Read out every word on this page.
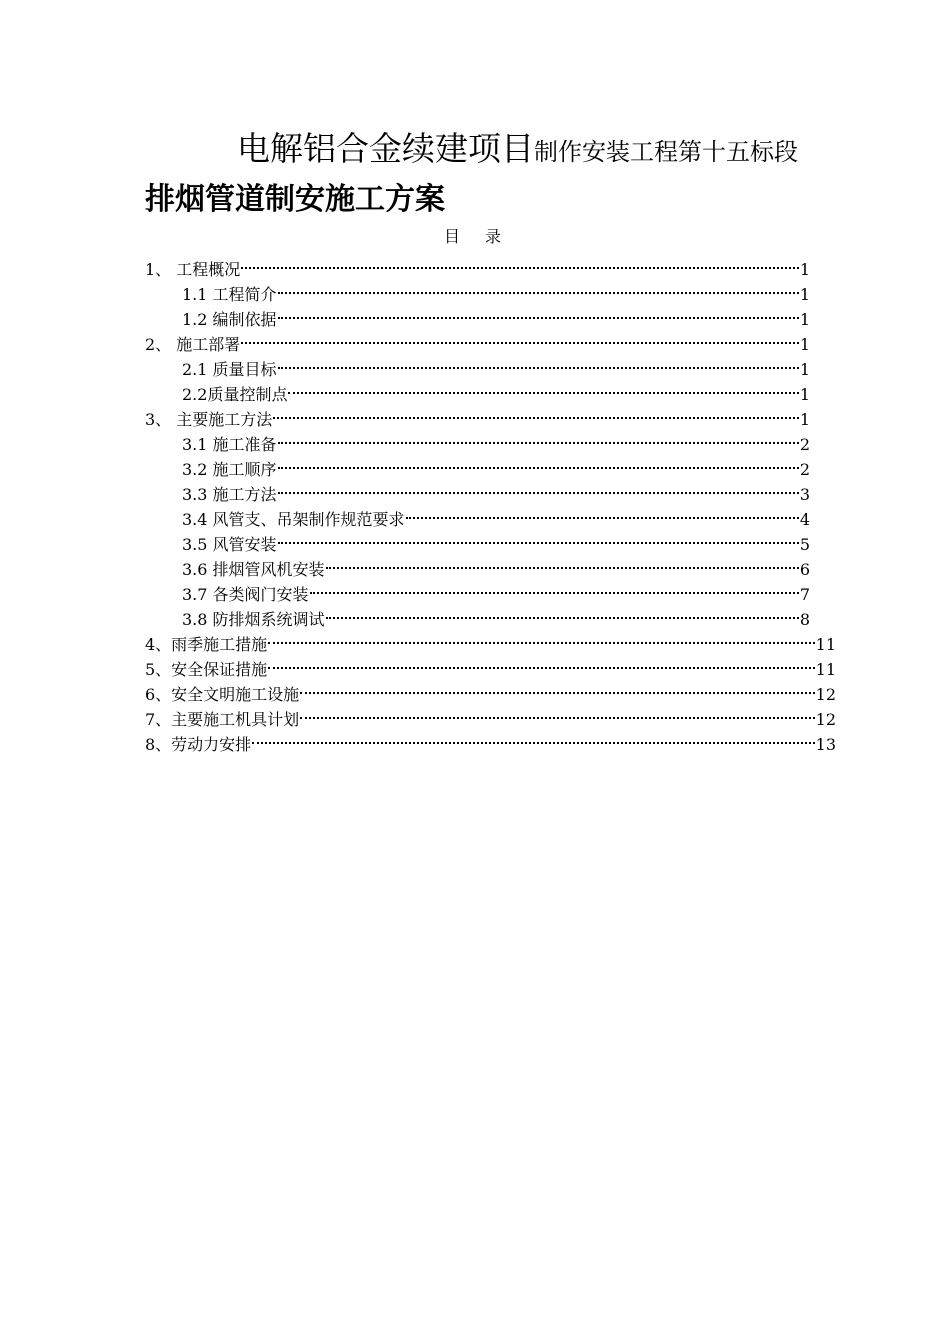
电解铝合金续建项目制作安装工程第十五标段排烟管道制安施工方案
目 录
1、 工程概况	1
1.1 工程简介	1
1.2 编制依据	1
2、 施工部署	1
2.1 质量目标	1
2.2质量控制点	1
3、 主要施工方法	1
3.1 施工准备	2
3.2 施工顺序	2
3.3 施工方法	3
3.4 风管支、吊架制作规范要求	4
3.5 风管安装	5
3.6 排烟管风机安装	6
3.7 各类阀门安装	7
3.8 防排烟系统调试	8
4、雨季施工措施	11
5、安全保证措施	11
6、安全文明施工设施	12
7、主要施工机具计划	12
8、劳动力安排	13
